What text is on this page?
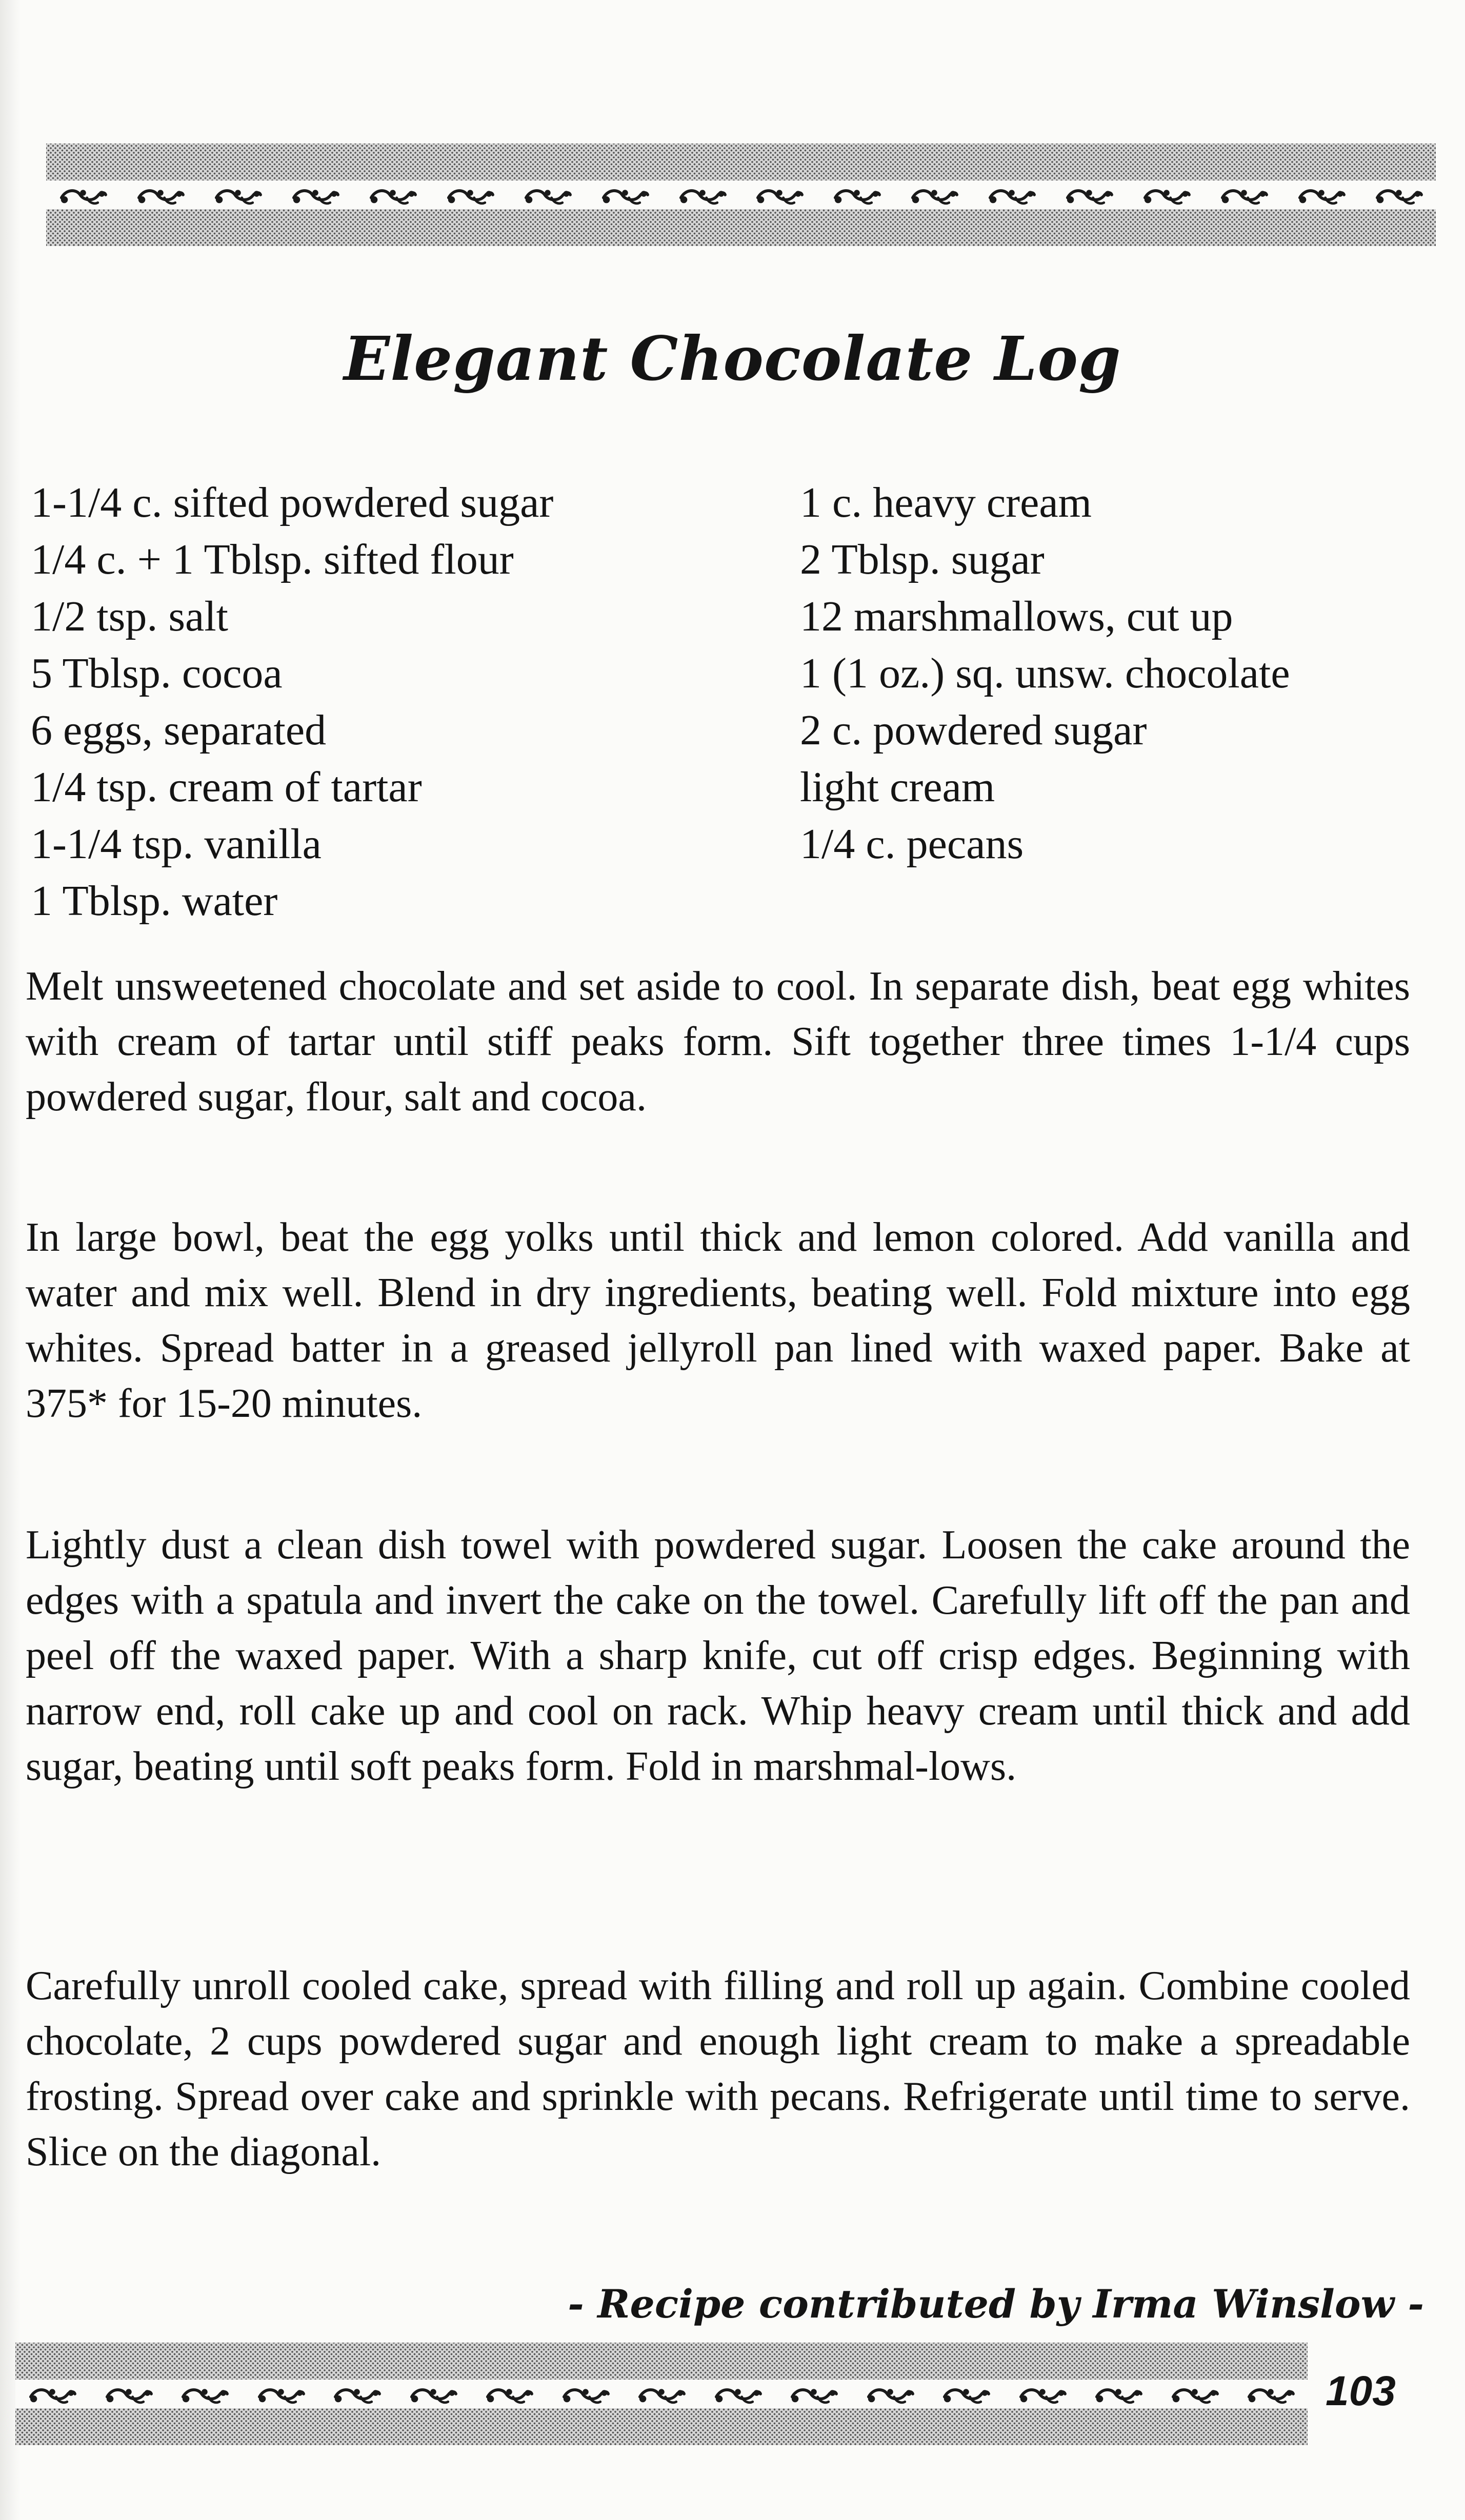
Elegant Chocolate Log
1-1/4 c. sifted powdered sugar
1/4 c. + 1 Tblsp. sifted flour
1/2 tsp. salt
5 Tblsp. cocoa
6 eggs, separated
1/4 tsp. cream of tartar
1-1/4 tsp. vanilla
1 Tblsp. water
1 c. heavy cream
2 Tblsp. sugar
12 marshmallows, cut up
1 (1 oz.) sq. unsw. chocolate
2 c. powdered sugar
light cream
1/4 c. pecans

Melt unsweetened chocolate and set aside to cool. In separate dish, beat egg whites with cream of tartar until stiff peaks form. Sift together three times 1-1/4 cups powdered sugar, flour, salt and cocoa.

In large bowl, beat the egg yolks until thick and lemon colored. Add vanilla and water and mix well. Blend in dry ingredients, beating well. Fold mixture into egg whites. Spread batter in a greased jellyroll pan lined with waxed paper. Bake at 375* for 15-20 minutes.

Lightly dust a clean dish towel with powdered sugar. Loosen the cake around the edges with a spatula and invert the cake on the towel. Carefully lift off the pan and peel off the waxed paper. With a sharp knife, cut off crisp edges. Beginning with narrow end, roll cake up and cool on rack. Whip heavy cream until thick and add sugar, beating until soft peaks form. Fold in marshmal-lows.

Carefully unroll cooled cake, spread with filling and roll up again. Combine cooled chocolate, 2 cups powdered sugar and enough light cream to make a spreadable frosting. Spread over cake and sprinkle with pecans. Refrigerate until time to serve. Slice on the diagonal.

- Recipe contributed by Irma Winslow -

103
